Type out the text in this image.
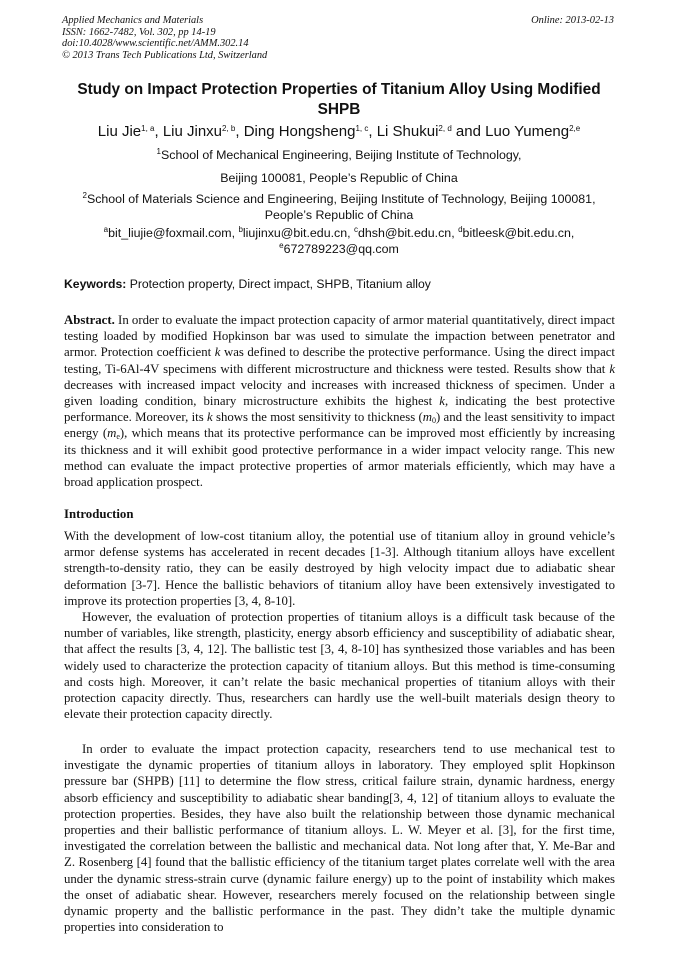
Applied Mechanics and Materials
ISSN: 1662-7482, Vol. 302, pp 14-19
doi:10.4028/www.scientific.net/AMM.302.14
© 2013 Trans Tech Publications Ltd, Switzerland
Online: 2013-02-13
Study on Impact Protection Properties of Titanium Alloy Using Modified SHPB
Liu Jie$^{1, a}$, Liu Jinxu$^{2, b}$, Ding Hongsheng$^{1, c}$, Li Shukui$^{2, d}$ and Luo Yumeng$^{2,e}$
$^1$School of Mechanical Engineering, Beijing Institute of Technology,
Beijing 100081, People’s Republic of China
$^2$School of Materials Science and Engineering, Beijing Institute of Technology, Beijing 100081, People’s Republic of China
$^a$bit_liujie@foxmail.com, $^b$liujinxu@bit.edu.cn, $^c$dhsh@bit.edu.cn, $^d$bitleesk@bit.edu.cn,
$^e$672789223@qq.com
Keywords: Protection property, Direct impact, SHPB, Titanium alloy
Abstract. In order to evaluate the impact protection capacity of armor material quantitatively, direct impact testing loaded by modified Hopkinson bar was used to simulate the impaction between penetrator and armor. Protection coefficient k was defined to describe the protective performance. Using the direct impact testing, Ti-6Al-4V specimens with different microstructure and thickness were tested. Results show that k decreases with increased impact velocity and increases with increased thickness of specimen. Under a given loading condition, binary microstructure exhibits the highest k, indicating the best protective performance. Moreover, its k shows the most sensitivity to thickness $(m_0)$ and the least sensitivity to impact energy $(m_e)$, which means that its protective performance can be improved most efficiently by increasing its thickness and it will exhibit good protective performance in a wider impact velocity range. This new method can evaluate the impact protective properties of armor materials efficiently, which may have a broad application prospect.
Introduction
With the development of low-cost titanium alloy, the potential use of titanium alloy in ground vehicle’s armor defense systems has accelerated in recent decades [1-3]. Although titanium alloys have excellent strength-to-density ratio, they can be easily destroyed by high velocity impact due to adiabatic shear deformation [3-7]. Hence the ballistic behaviors of titanium alloy have been extensively investigated to improve its protection properties [3, 4, 8-10].
However, the evaluation of protection properties of titanium alloys is a difficult task because of the number of variables, like strength, plasticity, energy absorb efficiency and susceptibility of adiabatic shear, that affect the results [3, 4, 12]. The ballistic test [3, 4, 8-10] has synthesized those variables and has been widely used to characterize the protection capacity of titanium alloys. But this method is time-consuming and costs high. Moreover, it can’t relate the basic mechanical properties of titanium alloys with their protection capacity directly. Thus, researchers can hardly use the well-built materials design theory to elevate their protection capacity directly.
In order to evaluate the impact protection capacity, researchers tend to use mechanical test to investigate the dynamic properties of titanium alloys in laboratory. They employed split Hopkinson pressure bar (SHPB) [11] to determine the flow stress, critical failure strain, dynamic hardness, energy absorb efficiency and susceptibility to adiabatic shear banding[3, 4, 12] of titanium alloys to evaluate the protection properties. Besides, they have also built the relationship between those dynamic mechanical properties and their ballistic performance of titanium alloys. L. W. Meyer et al. [3], for the first time, investigated the correlation between the ballistic and mechanical data. Not long after that, Y. Me-Bar and Z. Rosenberg [4] found that the ballistic efficiency of the titanium target plates correlate well with the area under the dynamic stress-strain curve (dynamic failure energy) up to the point of instability which makes the onset of adiabatic shear. However, researchers merely focused on the relationship between single dynamic property and the ballistic performance in the past. They didn’t take the multiple dynamic properties into consideration to
